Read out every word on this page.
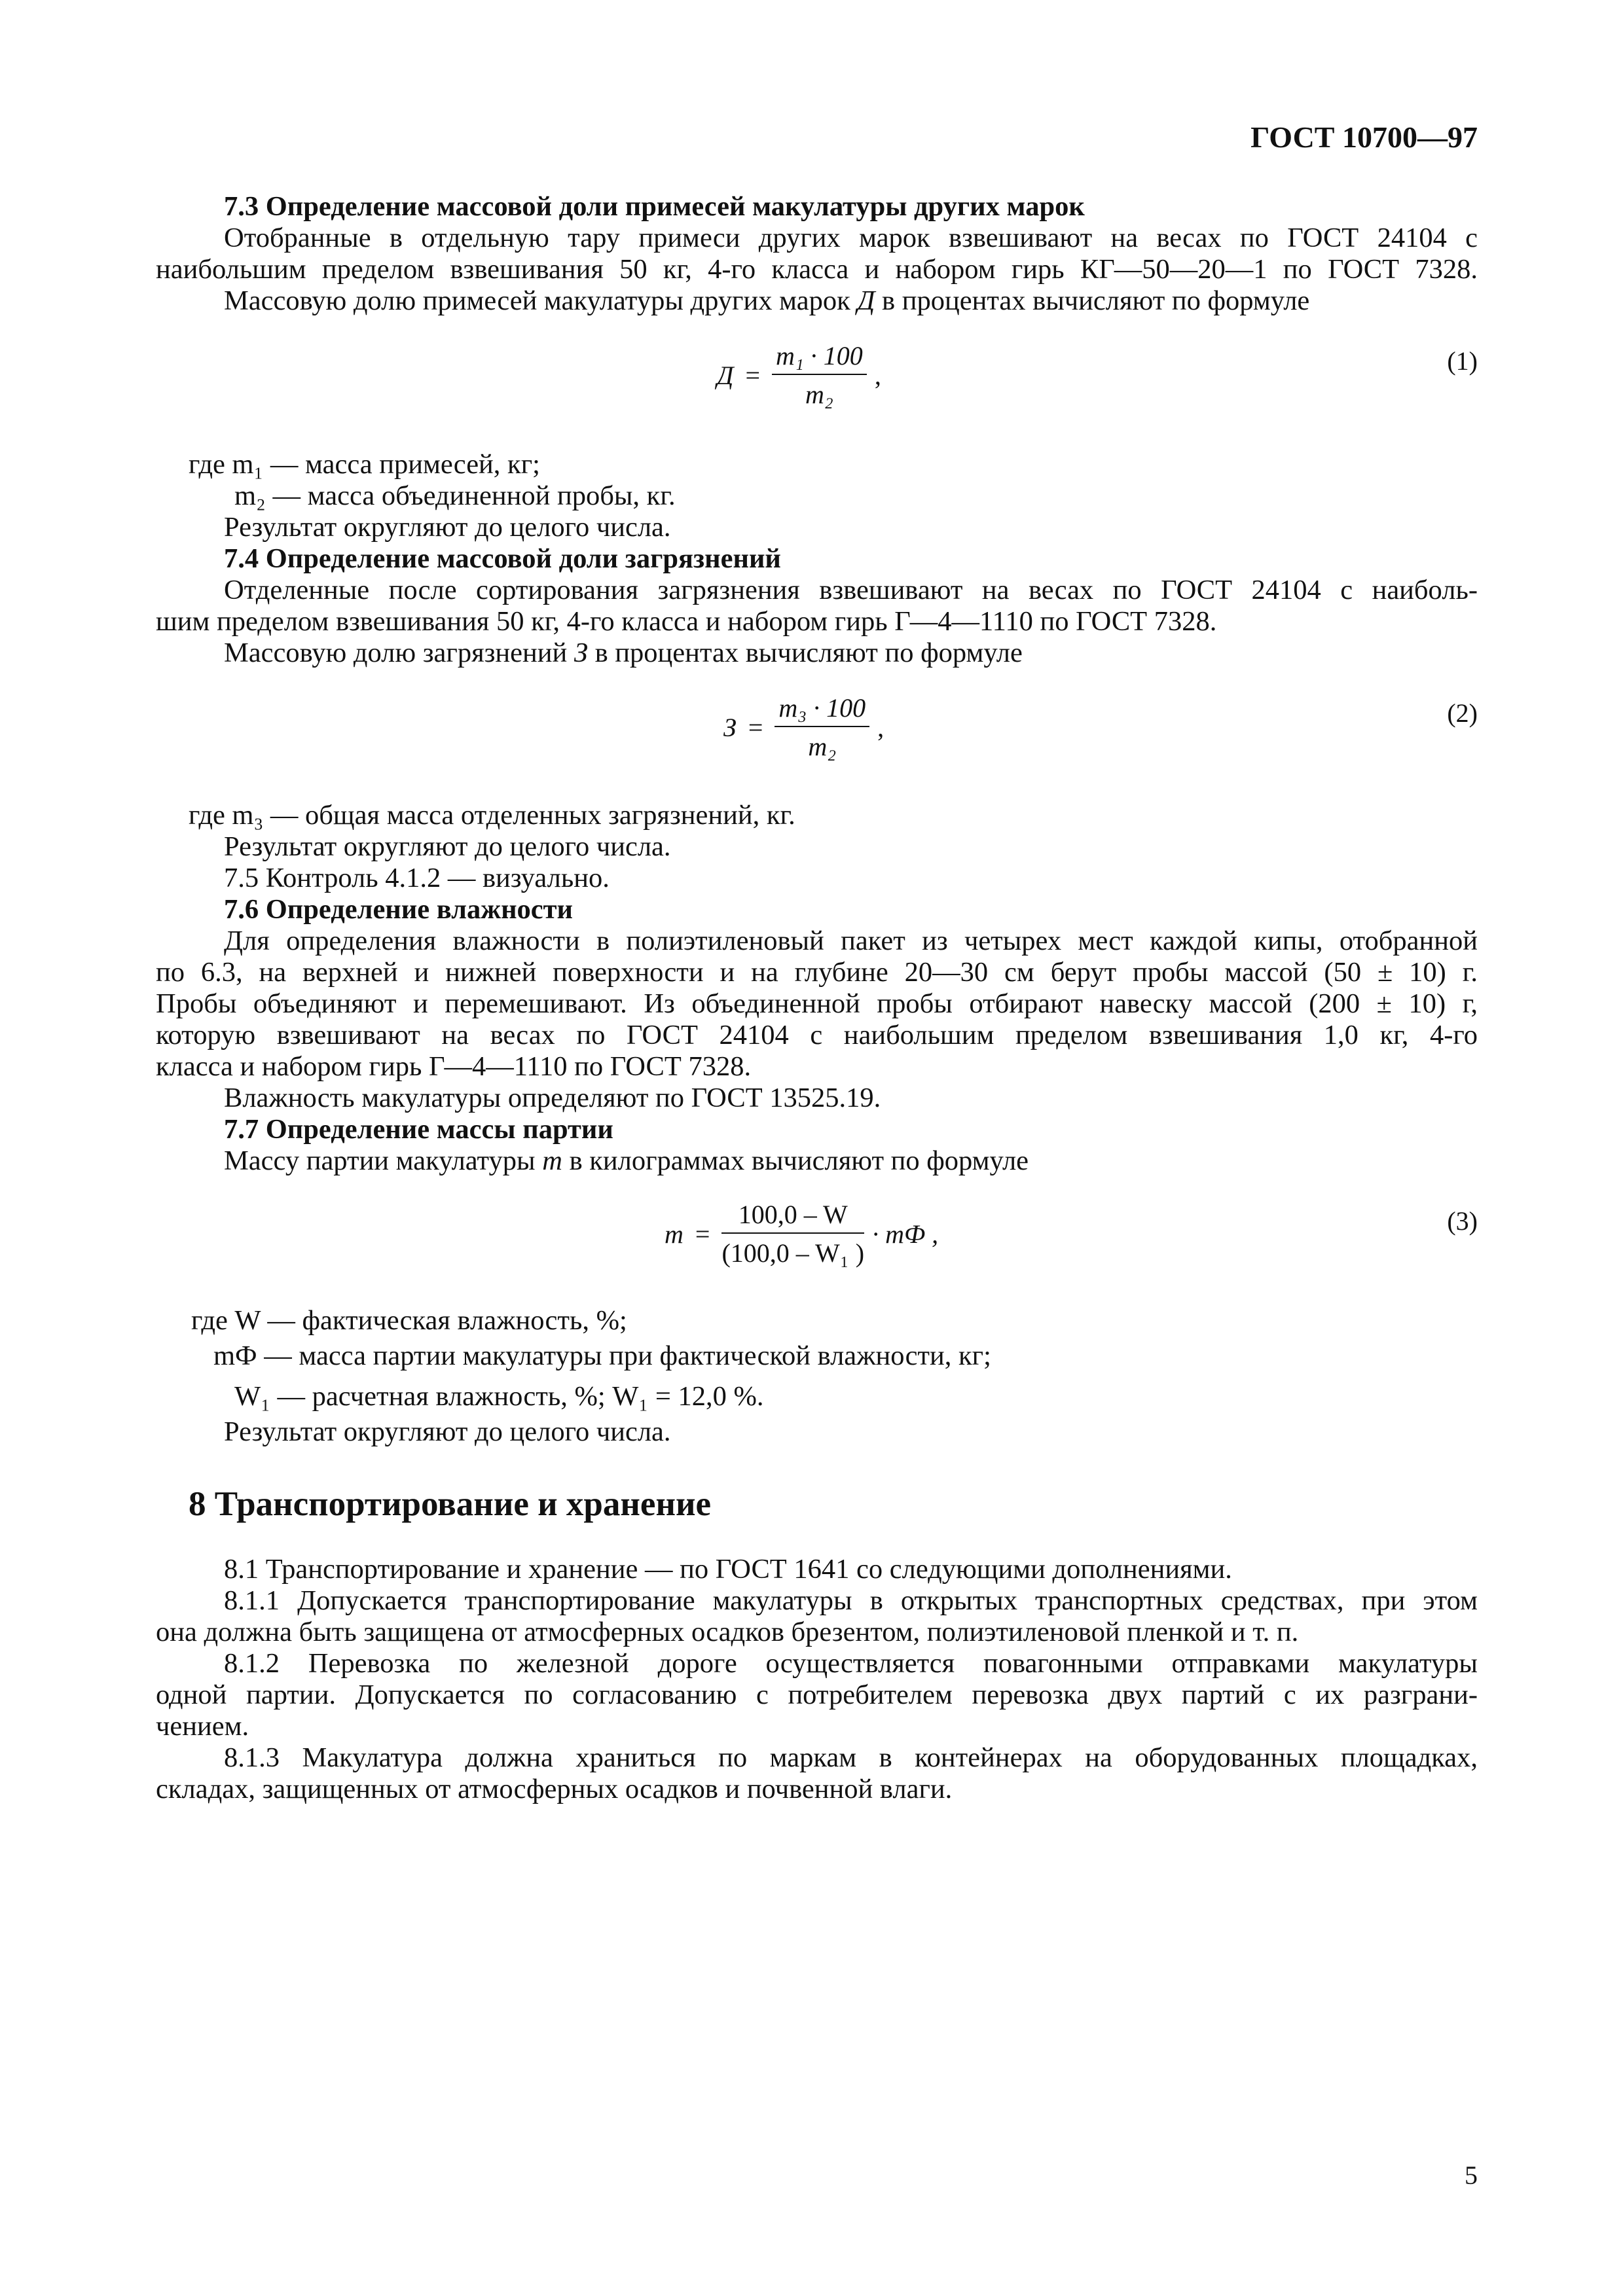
ГОСТ 10700—97
7.3 Определение массовой доли примесей макулатуры других марок
Отобранные в отдельную тару примеси других марок взвешивают на весах по ГОСТ 24104 с
наибольшим пределом взвешивания 50 кг, 4-го класса и набором гирь КГ—50—20—1 по ГОСТ 7328.
Массовую долю примесей макулатуры других марок Д в процентах вычисляют по формуле
$Д = \frac{\text{m₁ · 100}}{\text{m₂}}$ ,	(1)
где m₁ — масса примесей, кг;
m₂ — масса объединенной пробы, кг.
Результат округляют до целого числа.
7.4 Определение массовой доли загрязнений
Отделенные после сортирования загрязнения взвешивают на весах по ГОСТ 24104 с наиболь-
шим пределом взвешивания 50 кг, 4-го класса и набором гирь Г—4—1110 по ГОСТ 7328.
Массовую долю загрязнений З в процентах вычисляют по формуле
$З = \frac{\text{m₃ · 100}}{\text{m₂}}$ ,	(2)
где m₃ — общая масса отделенных загрязнений, кг.
Результат округляют до целого числа.
7.5 Контроль 4.1.2 — визуально.
7.6 Определение влажности
Для определения влажности в полиэтиленовый пакет из четырех мест каждой кипы, отобранной
по 6.3, на верхней и нижней поверхности и на глубине 20—30 см берут пробы массой (50 ± 10) г.
Пробы объединяют и перемешивают. Из объединенной пробы отбирают навеску массой (200 ± 10) г,
которую взвешивают на весах по ГОСТ 24104 с наибольшим пределом взвешивания 1,0 кг, 4-го
класса и набором гирь Г—4—1110 по ГОСТ 7328.
Влажность макулатуры определяют по ГОСТ 13525.19.
7.7 Определение массы партии
Массу партии макулатуры m в килограммах вычисляют по формуле
$m = \frac{100,0 - W}{\text{(100,0 – W₁ )}}$ · mФ ,	(3)
где W — фактическая влажность, %;
mФ — масса партии макулатуры при фактической влажности, кг;
W₁ — расчетная влажность, %; W₁ = 12,0 %.
Результат округляют до целого числа.
8 Транспортирование и хранение
8.1 Транспортирование и хранение — по ГОСТ 1641 со следующими дополнениями.
8.1.1 Допускается транспортирование макулатуры в открытых транспортных средствах, при этом
она должна быть защищена от атмосферных осадков брезентом, полиэтиленовой пленкой и т. п.
8.1.2 Перевозка по железной дороге осуществляется повагонными отправками макулатуры
одной партии. Допускается по согласованию с потребителем перевозка двух партий с их разграни-
чением.
8.1.3 Макулатура должна храниться по маркам в контейнерах на оборудованных площадках,
складах, защищенных от атмосферных осадков и почвенной влаги.
5
